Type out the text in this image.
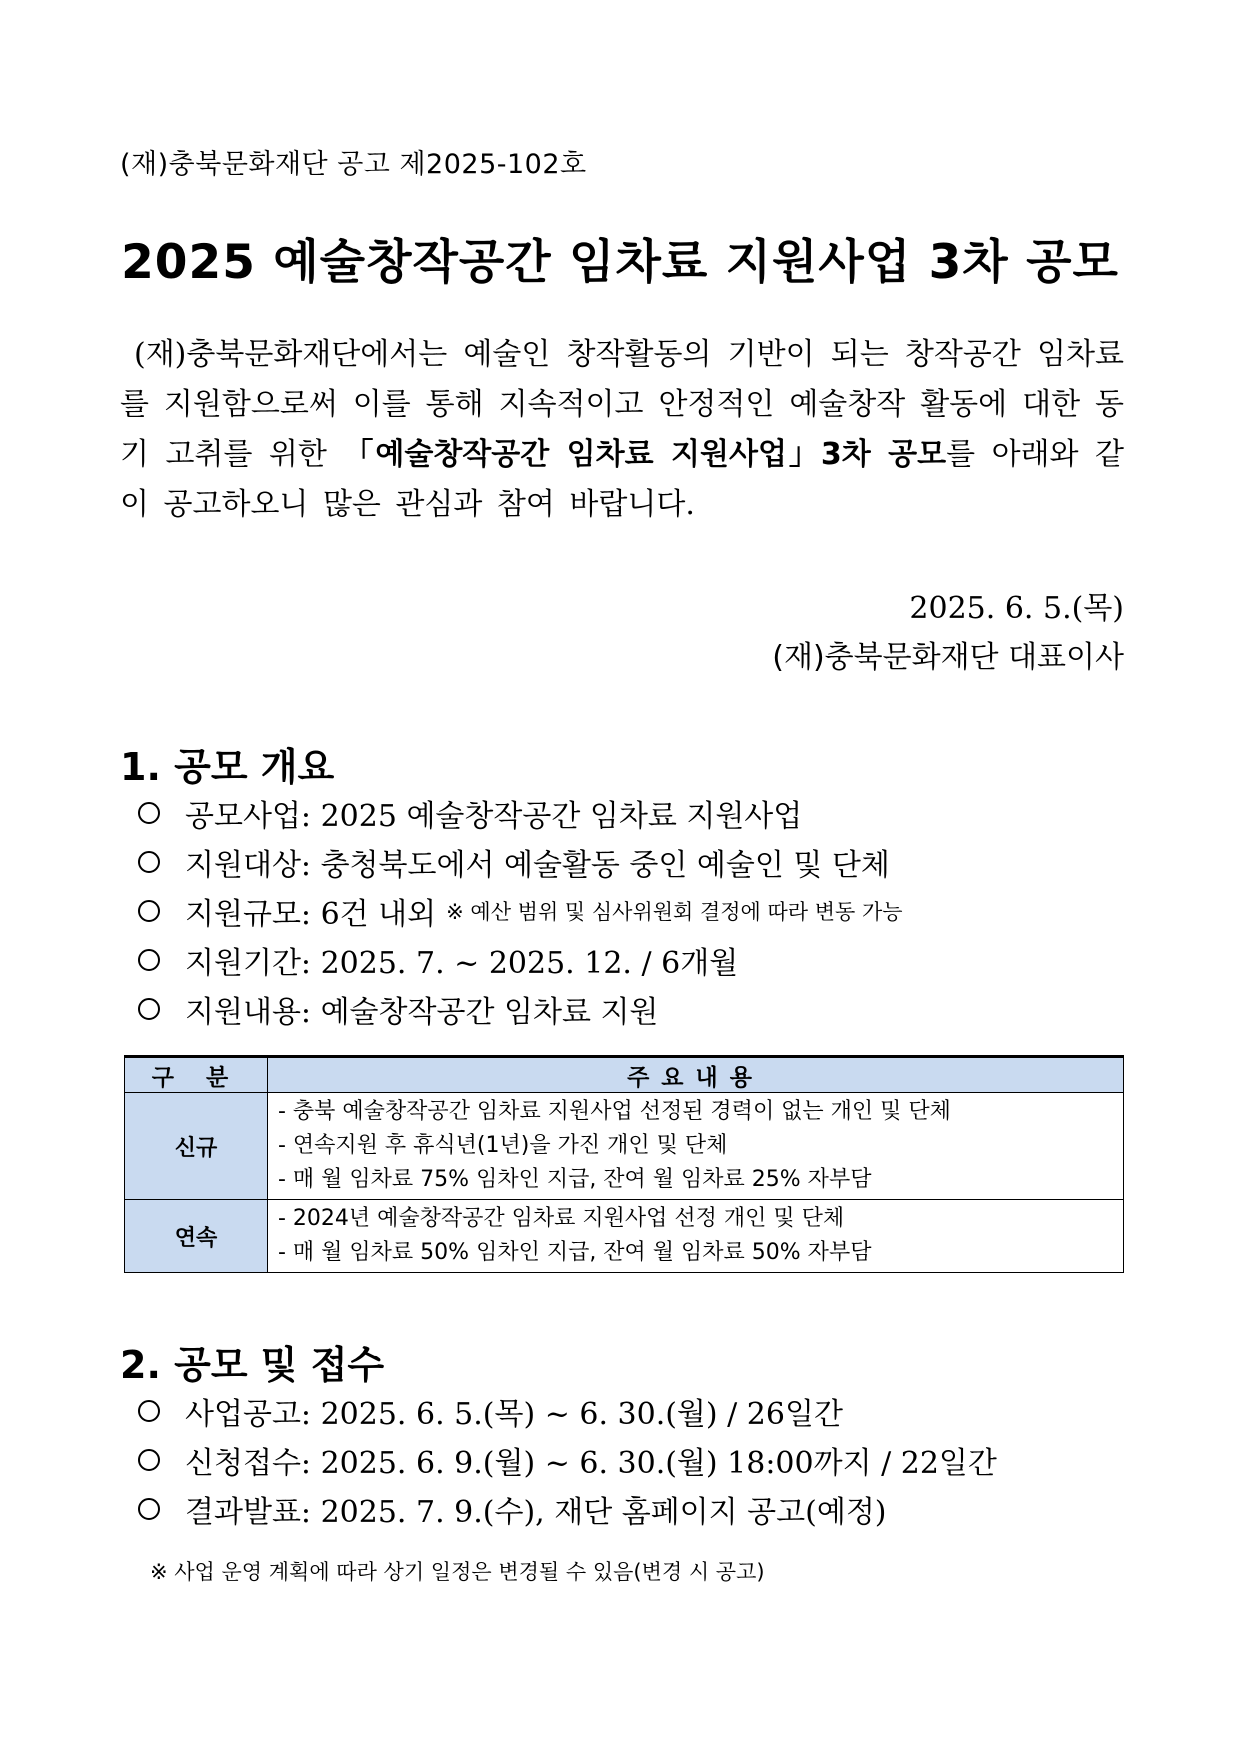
(재)충북문화재단 공고 제2025-102호
2025 예술창작공간 임차료 지원사업 3차 공모
(재)충북문화재단에서는 예술인 창작활동의 기반이 되는 창작공간 임차료를 지원함으로써 이를 통해 지속적이고 안정적인 예술창작 활동에 대한 동기 고취를 위한 「예술창작공간 임차료 지원사업」3차 공모를 아래와 같이 공고하오니 많은 관심과 참여 바랍니다.
2025. 6. 5.(목)
(재)충북문화재단 대표이사
1. 공모 개요
공모사업: 2025 예술창작공간 임차료 지원사업
지원대상: 충청북도에서 예술활동 중인 예술인 및 단체
지원규모: 6건 내외 ※ 예산 범위 및 심사위원회 결정에 따라 변동 가능
지원기간: 2025. 7. ~ 2025. 12. / 6개월
지원내용: 예술창작공간 임차료 지원
구 분	주요내용
신규	- 충북 예술창작공간 임차료 지원사업 선정된 경력이 없는 개인 및 단체
- 연속지원 후 휴식년(1년)을 가진 개인 및 단체
- 매 월 임차료 75% 임차인 지급, 잔여 월 임차료 25% 자부담

연속	- 2024년 예술창작공간 임차료 지원사업 선정 개인 및 단체
- 매 월 임차료 50% 임차인 지급, 잔여 월 임차료 50% 자부담
2. 공모 및 접수
사업공고: 2025. 6. 5.(목) ~ 6. 30.(월) / 26일간
신청접수: 2025. 6. 9.(월) ~ 6. 30.(월) 18:00까지 / 22일간
결과발표: 2025. 7. 9.(수), 재단 홈페이지 공고(예정)
※ 사업 운영 계획에 따라 상기 일정은 변경될 수 있음(변경 시 공고)
